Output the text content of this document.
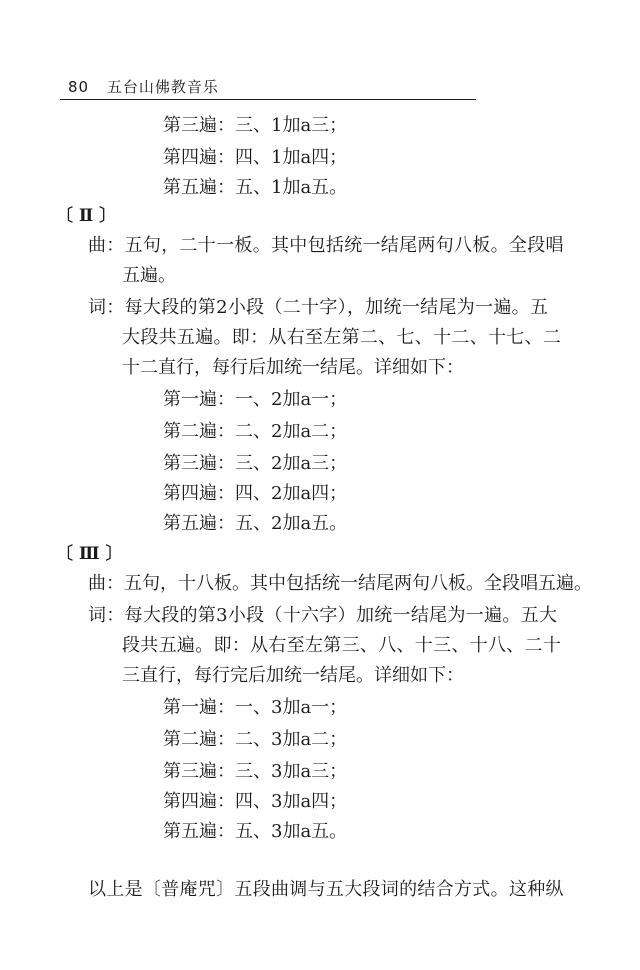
80 五台山佛教音乐
第三遍：三、1加a三；
第四遍：四、1加a四；
第五遍：五、1加a五。
〔 Ⅱ 〕
曲：五句，二十一板。其中包括统一结尾两句八板。全段唱
五遍。
词：每大段的第2小段（二十字），加统一结尾为一遍。五
大段共五遍。即：从右至左第二、七、十二、十七、二
十二直行，每行后加统一结尾。详细如下：
第一遍：一、2加a一；
第二遍：二、2加a二；
第三遍：三、2加a三；
第四遍：四、2加a四；
第五遍：五、2加a五。
〔 Ⅲ 〕
曲：五句，十八板。其中包括统一结尾两句八板。全段唱五遍。
词：每大段的第3小段（十六字）加统一结尾为一遍。五大
段共五遍。即：从右至左第三、八、十三、十八、二十
三直行，每行完后加统一结尾。详细如下：
第一遍：一、3加a一；
第二遍：二、3加a二；
第三遍：三、3加a三；
第四遍：四、3加a四；
第五遍：五、3加a五。
以上是〔普庵咒〕五段曲调与五大段词的结合方式。这种纵
